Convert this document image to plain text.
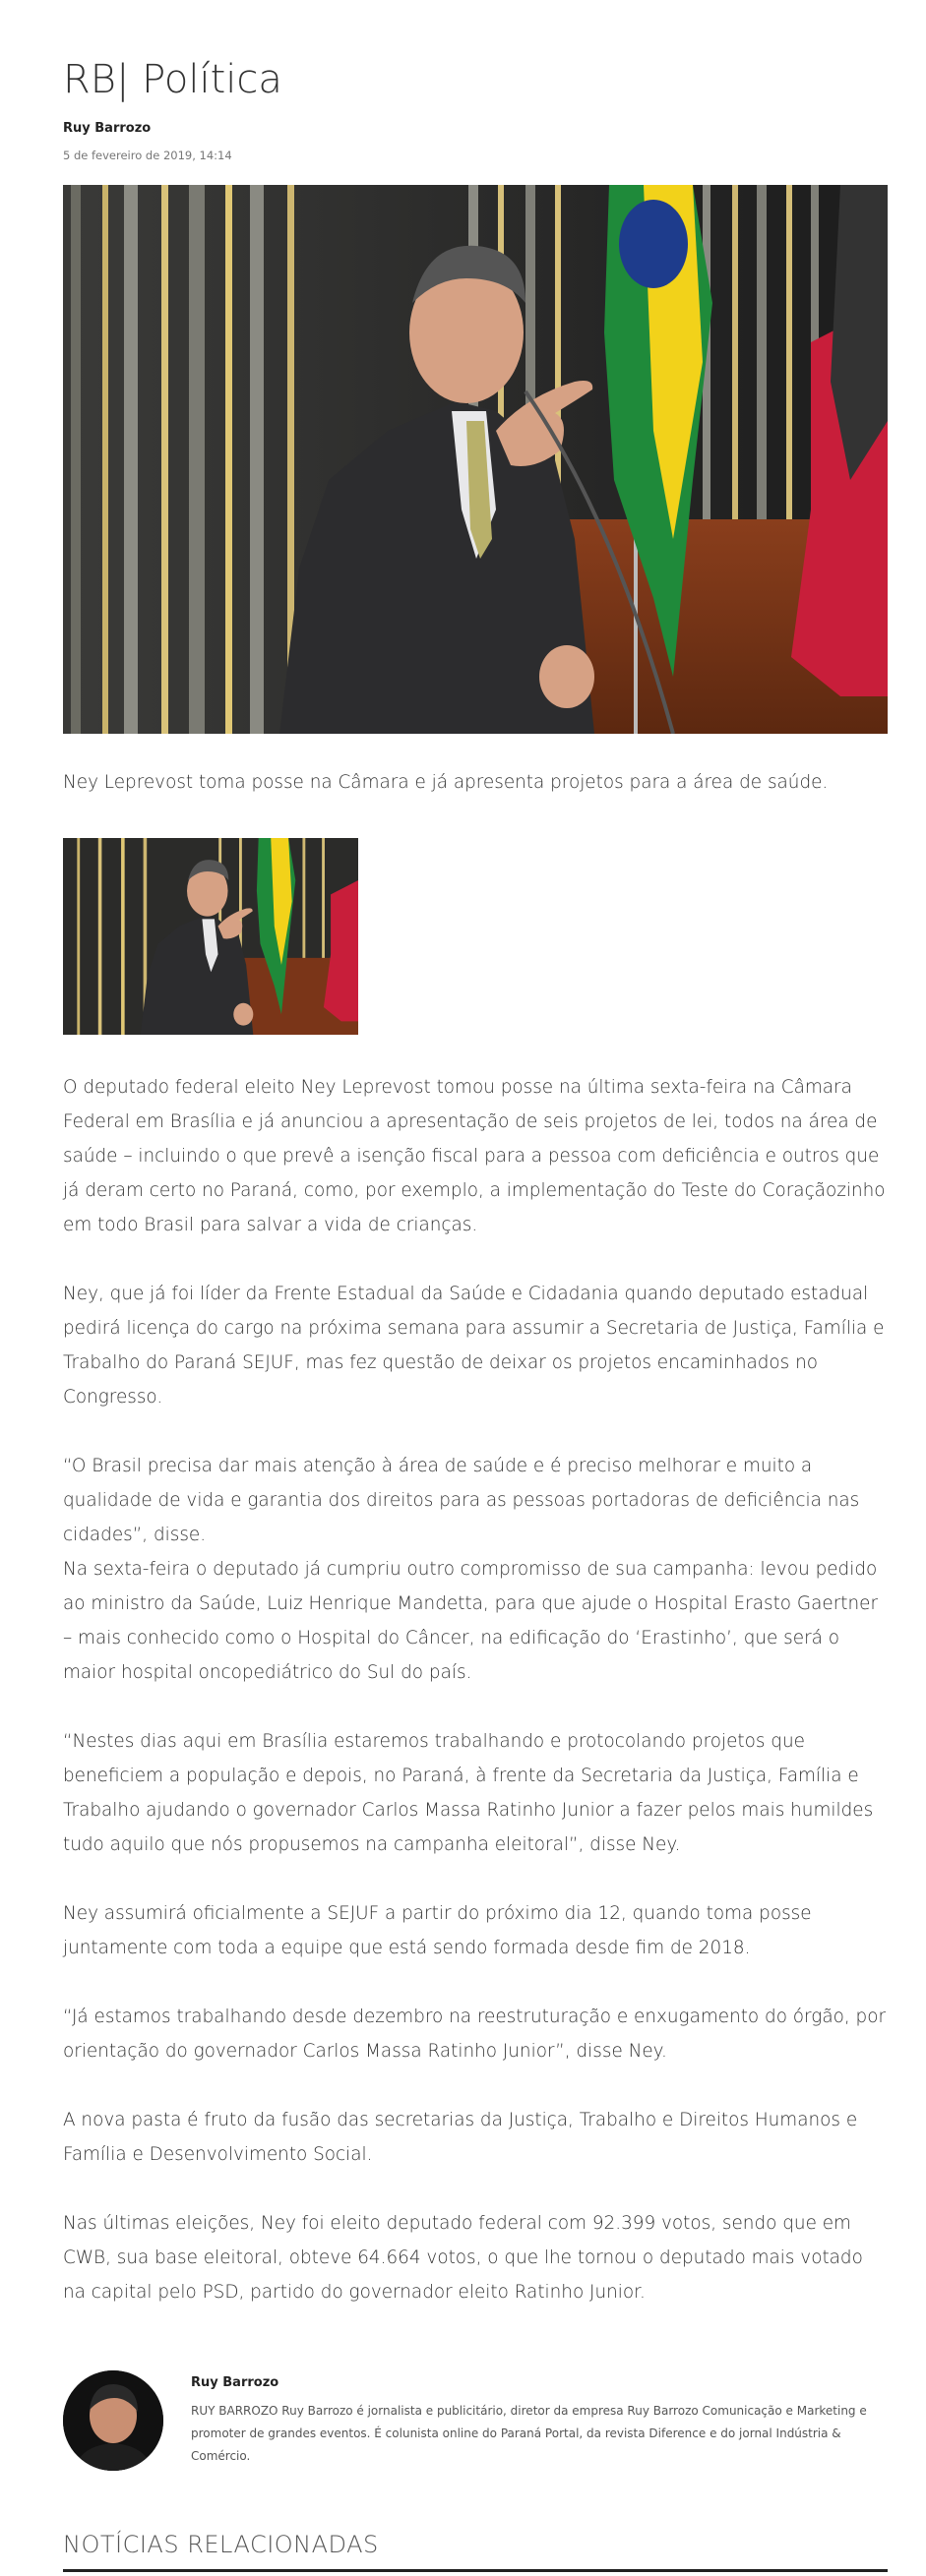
RB| Política
Ruy Barrozo
5 de fevereiro de 2019, 14:14

Ney Leprevost toma posse na Câmara e já apresenta projetos para a área de saúde.

O deputado federal eleito Ney Leprevost tomou posse na última sexta-feira na Câmara Federal em Brasília e já anunciou a apresentação de seis projetos de lei, todos na área de saúde – incluindo o que prevê a isenção fiscal para a pessoa com deficiência e outros que já deram certo no Paraná, como, por exemplo, a implementação do Teste do Coraçãozinho em todo Brasil para salvar a vida de crianças.

Ney, que já foi líder da Frente Estadual da Saúde e Cidadania quando deputado estadual pedirá licença do cargo na próxima semana para assumir a Secretaria de Justiça, Família e Trabalho do Paraná SEJUF, mas fez questão de deixar os projetos encaminhados no Congresso.

“O Brasil precisa dar mais atenção à área de saúde e é preciso melhorar e muito a qualidade de vida e garantia dos direitos para as pessoas portadoras de deficiência nas cidades”, disse.

Na sexta-feira o deputado já cumpriu outro compromisso de sua campanha: levou pedido ao ministro da Saúde, Luiz Henrique Mandetta, para que ajude o Hospital Erasto Gaertner – mais conhecido como o Hospital do Câncer, na edificação do ‘Erastinho’, que será o maior hospital oncopediátrico do Sul do país.

“Nestes dias aqui em Brasília estaremos trabalhando e protocolando projetos que beneficiem a população e depois, no Paraná, à frente da Secretaria da Justiça, Família e Trabalho ajudando o governador Carlos Massa Ratinho Junior a fazer pelos mais humildes tudo aquilo que nós propusemos na campanha eleitoral”, disse Ney.

Ney assumirá oficialmente a SEJUF a partir do próximo dia 12, quando toma posse juntamente com toda a equipe que está sendo formada desde fim de 2018.

“Já estamos trabalhando desde dezembro na reestruturação e enxugamento do órgão, por orientação do governador Carlos Massa Ratinho Junior”, disse Ney.

A nova pasta é fruto da fusão das secretarias da Justiça, Trabalho e Direitos Humanos e Família e Desenvolvimento Social.

Nas últimas eleições, Ney foi eleito deputado federal com 92.399 votos, sendo que em CWB, sua base eleitoral, obteve 64.664 votos, o que lhe tornou o deputado mais votado na capital pelo PSD, partido do governador eleito Ratinho Junior.

Ruy Barrozo
RUY BARROZO Ruy Barrozo é jornalista e publicitário, diretor da empresa Ruy Barrozo Comunicação e Marketing e promoter de grandes eventos. É colunista online do Paraná Portal, da revista Diference e do jornal Indústria & Comércio.
NOTÍCIAS RELACIONADAS
